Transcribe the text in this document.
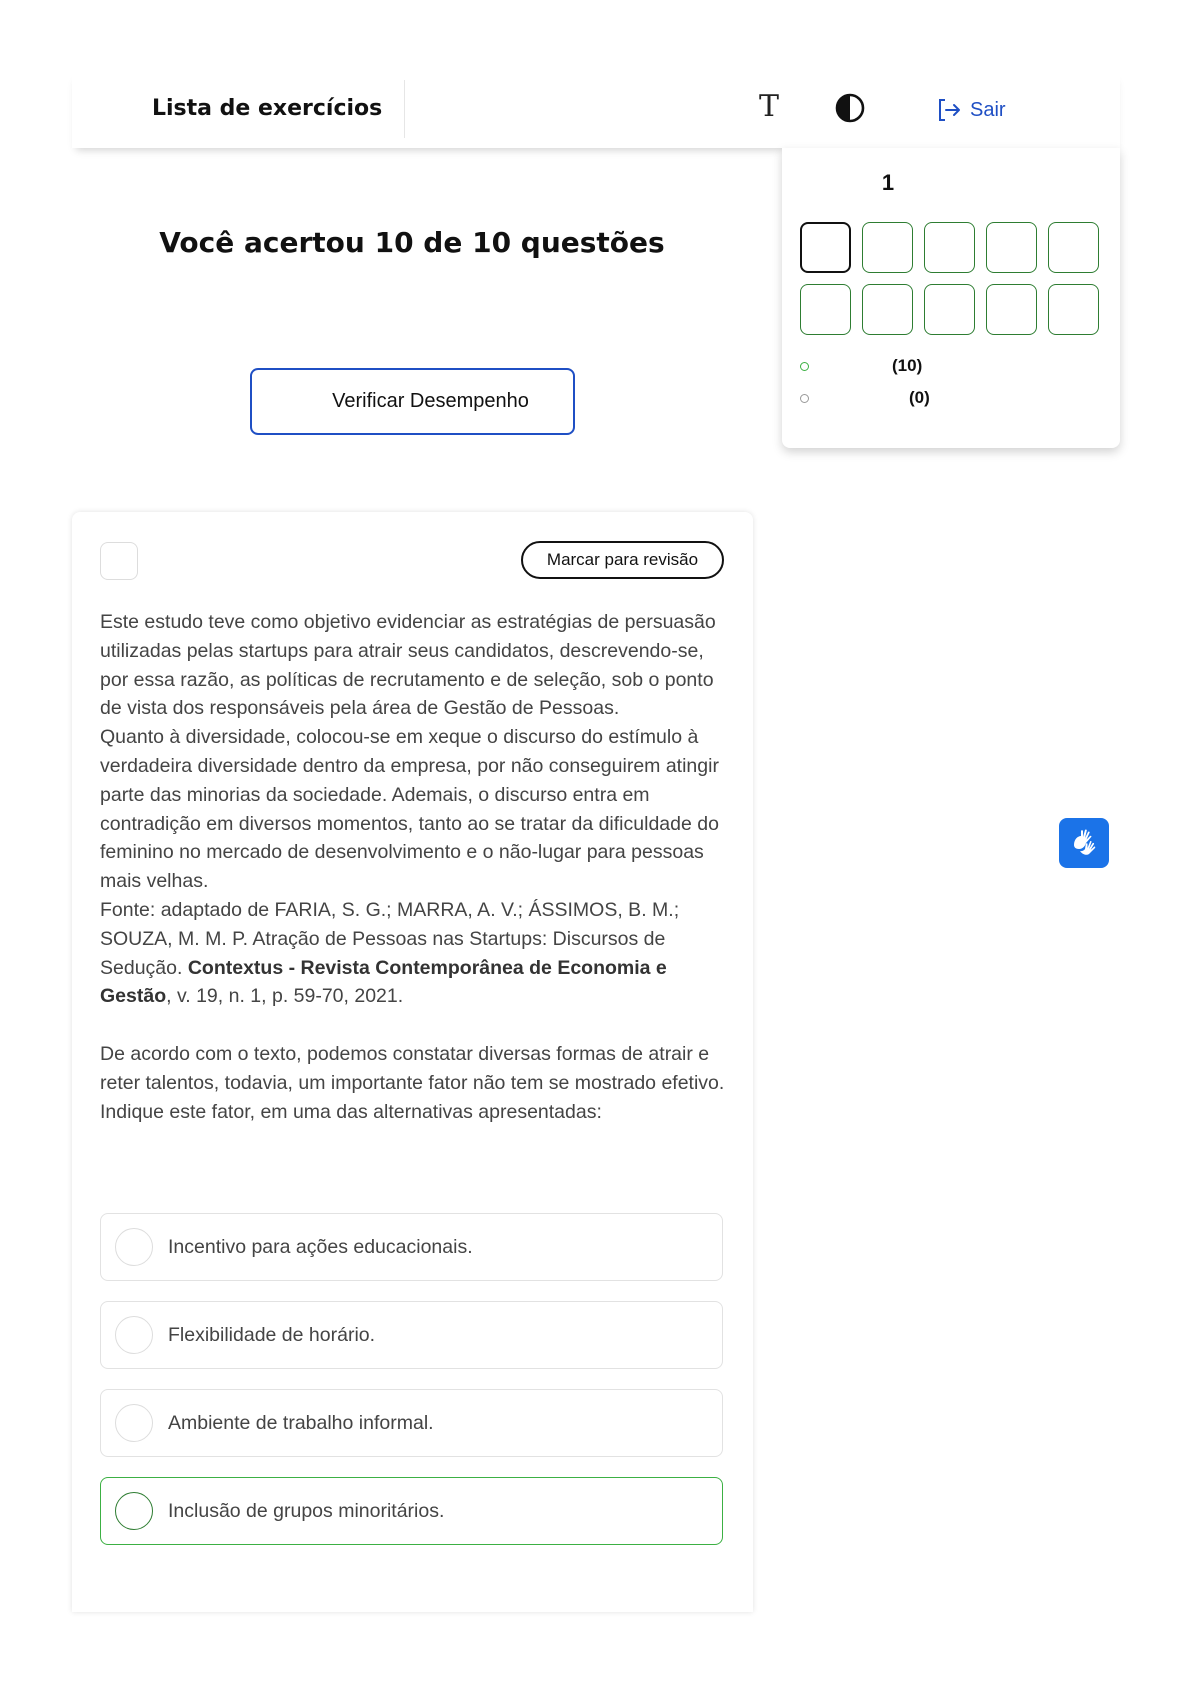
Lista de exercícios	T	Sair
Você acertou 10 de 10 questões
Verificar Desempenho
1
(10)
(0)
Marcar para revisão

Este estudo teve como objetivo evidenciar as estratégias de persuasão utilizadas pelas startups para atrair seus candidatos, descrevendo-se, por essa razão, as políticas de recrutamento e de seleção, sob o ponto de vista dos responsáveis pela área de Gestão de Pessoas.

Quanto à diversidade, colocou-se em xeque o discurso do estímulo à verdadeira diversidade dentro da empresa, por não conseguirem atingir parte das minorias da sociedade. Ademais, o discurso entra em contradição em diversos momentos, tanto ao se tratar da dificuldade do feminino no mercado de desenvolvimento e o não-lugar para pessoas mais velhas.

Fonte: adaptado de FARIA, S. G.; MARRA, A. V.; ÁSSIMOS, B. M.; SOUZA, M. M. P. Atração de Pessoas nas Startups: Discursos de Sedução. Contextus - Revista Contemporânea de Economia e Gestão, v. 19, n. 1, p. 59-70, 2021.

De acordo com o texto, podemos constatar diversas formas de atrair e reter talentos, todavia, um importante fator não tem se mostrado efetivo. Indique este fator, em uma das alternativas apresentadas:

Incentivo para ações educacionais.
Flexibilidade de horário.
Ambiente de trabalho informal.
Inclusão de grupos minoritários.
